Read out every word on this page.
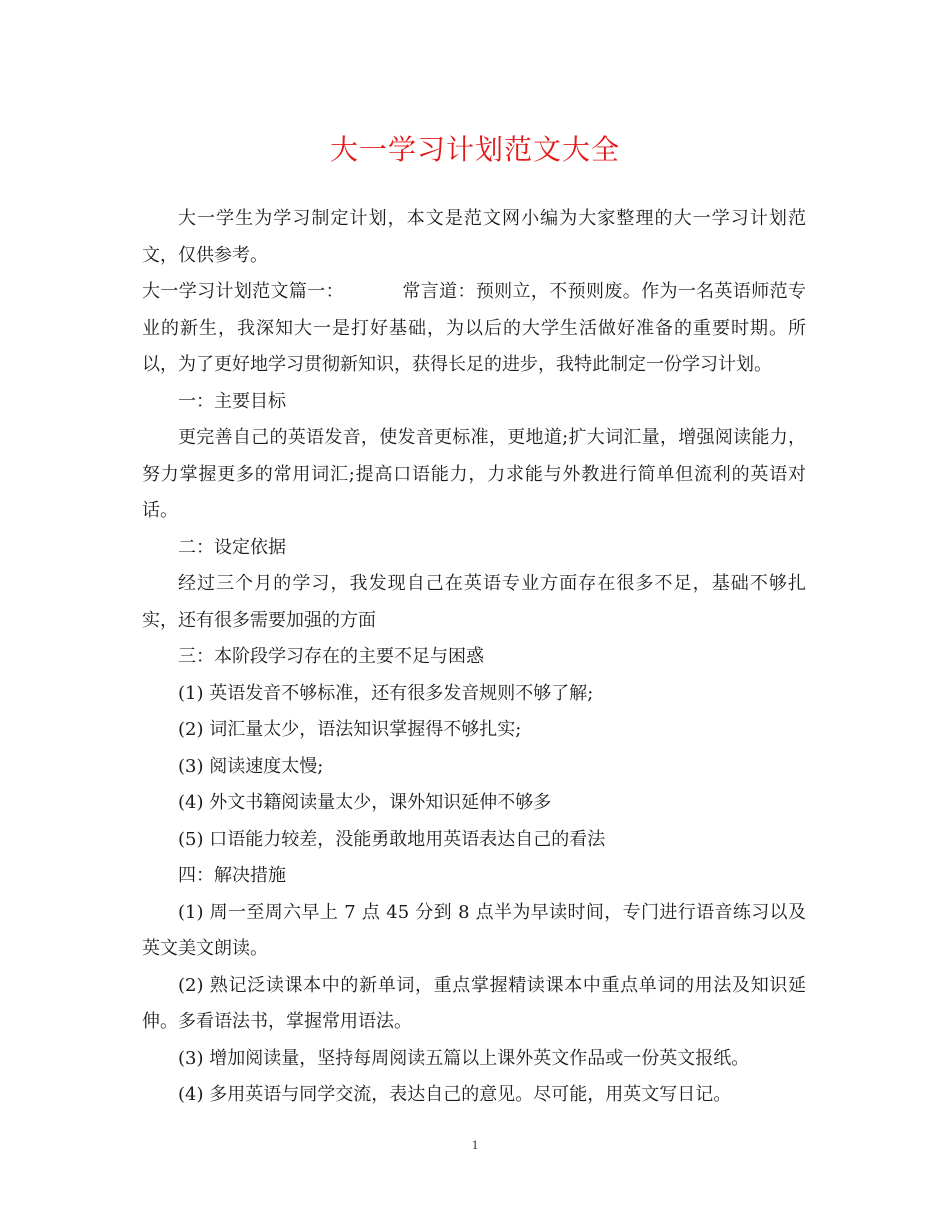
大一学习计划范文大全

大一学生为学习制定计划，本文是范文网小编为大家整理的大一学习计划范文，仅供参考。

大一学习计划范文篇一：	常言道：预则立，不预则废。作为一名英语师范专业的新生，我深知大一是打好基础，为以后的大学生活做好准备的重要时期。所以，为了更好地学习贯彻新知识，获得长足的进步，我特此制定一份学习计划。

一：主要目标

更完善自己的英语发音，使发音更标准，更地道;扩大词汇量，增强阅读能力，努力掌握更多的常用词汇;提高口语能力，力求能与外教进行简单但流利的英语对话。

二：设定依据

经过三个月的学习，我发现自己在英语专业方面存在很多不足，基础不够扎实，还有很多需要加强的方面

三：本阶段学习存在的主要不足与困惑

(1) 英语发音不够标准，还有很多发音规则不够了解;

(2) 词汇量太少，语法知识掌握得不够扎实;

(3) 阅读速度太慢;

(4) 外文书籍阅读量太少，课外知识延伸不够多

(5) 口语能力较差，没能勇敢地用英语表达自己的看法

四：解决措施

(1) 周一至周六早上 7 点 45 分到 8 点半为早读时间，专门进行语音练习以及英文美文朗读。

(2) 熟记泛读课本中的新单词，重点掌握精读课本中重点单词的用法及知识延伸。多看语法书，掌握常用语法。

(3) 增加阅读量，坚持每周阅读五篇以上课外英文作品或一份英文报纸。

(4) 多用英语与同学交流，表达自己的意见。尽可能，用英文写日记。

1
